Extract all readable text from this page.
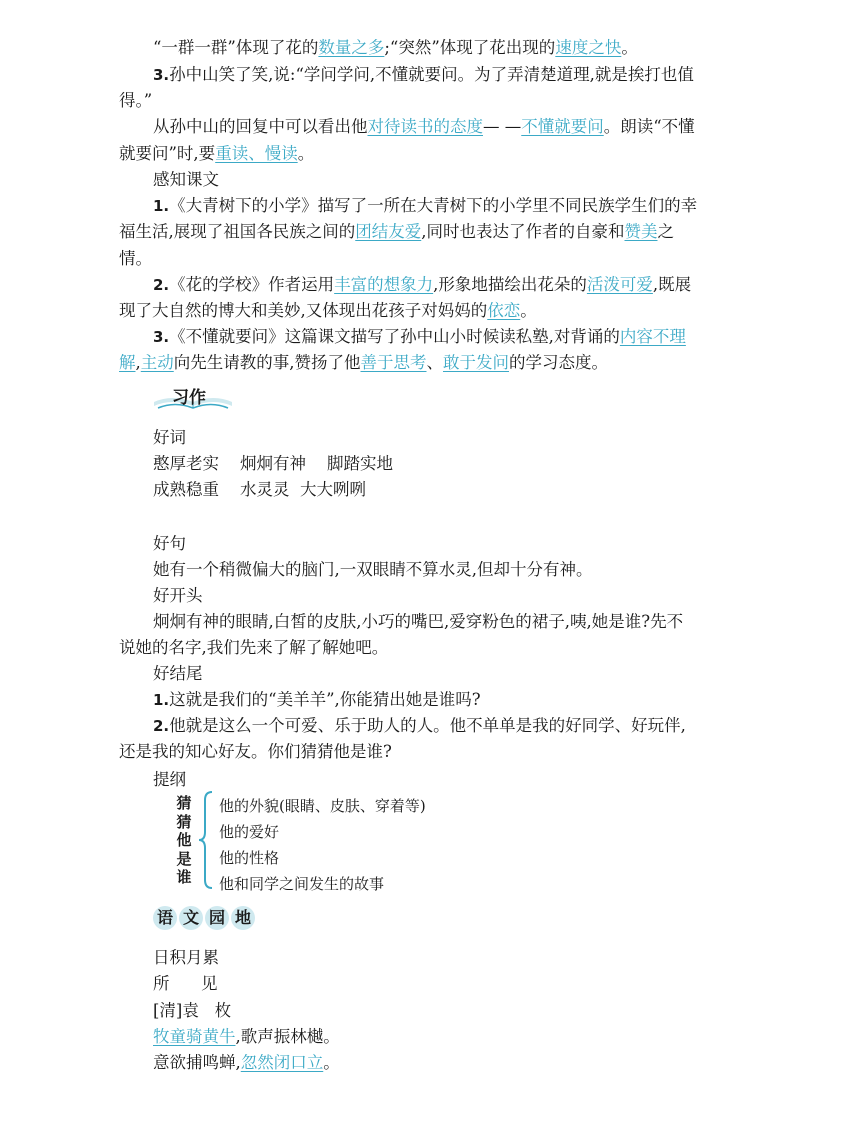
“一群一群”体现了花的数量之多;“突然”体现了花出现的速度之快。
3.孙中山笑了笑,说:“学问学问,不懂就要问。为了弄清楚道理,就是挨打也值
得。”
从孙中山的回复中可以看出他对待读书的态度— —不懂就要问。朗读“不懂
就要问”时,要重读、慢读。
感知课文
1.《大青树下的小学》描写了一所在大青树下的小学里不同民族学生们的幸
福生活,展现了祖国各民族之间的团结友爱,同时也表达了作者的自豪和赞美之
情。
2.《花的学校》作者运用丰富的想象力,形象地描绘出花朵的活泼可爱,既展
现了大自然的博大和美妙,又体现出花孩子对妈妈的依恋。
3.《不懂就要问》这篇课文描写了孙中山小时候读私塾,对背诵的内容不理
解,主动向先生请教的事,赞扬了他善于思考、敢于发问的学习态度。
习作
好词
憨厚老实    炯炯有神    脚踏实地
成熟稳重    水灵灵  大大咧咧
好句
她有一个稍微偏大的脑门,一双眼睛不算水灵,但却十分有神。
好开头
炯炯有神的眼睛,白皙的皮肤,小巧的嘴巴,爱穿粉色的裙子,咦,她是谁?先不
说她的名字,我们先来了解了解她吧。
好结尾
1.这就是我们的“美羊羊”,你能猜出她是谁吗?
2.他就是这么一个可爱、乐于助人的人。他不单单是我的好同学、好玩伴,
还是我的知心好友。你们猜猜他是谁?
提纲
猜
猜
他
是
谁
他的外貌(眼睛、皮肤、穿着等)
他的爱好
他的性格
他和同学之间发生的故事
语 文 园 地
日积月累
所      见
[清]袁   枚
牧童骑黄牛,歌声振林樾。
意欲捕鸣蝉,忽然闭口立。
